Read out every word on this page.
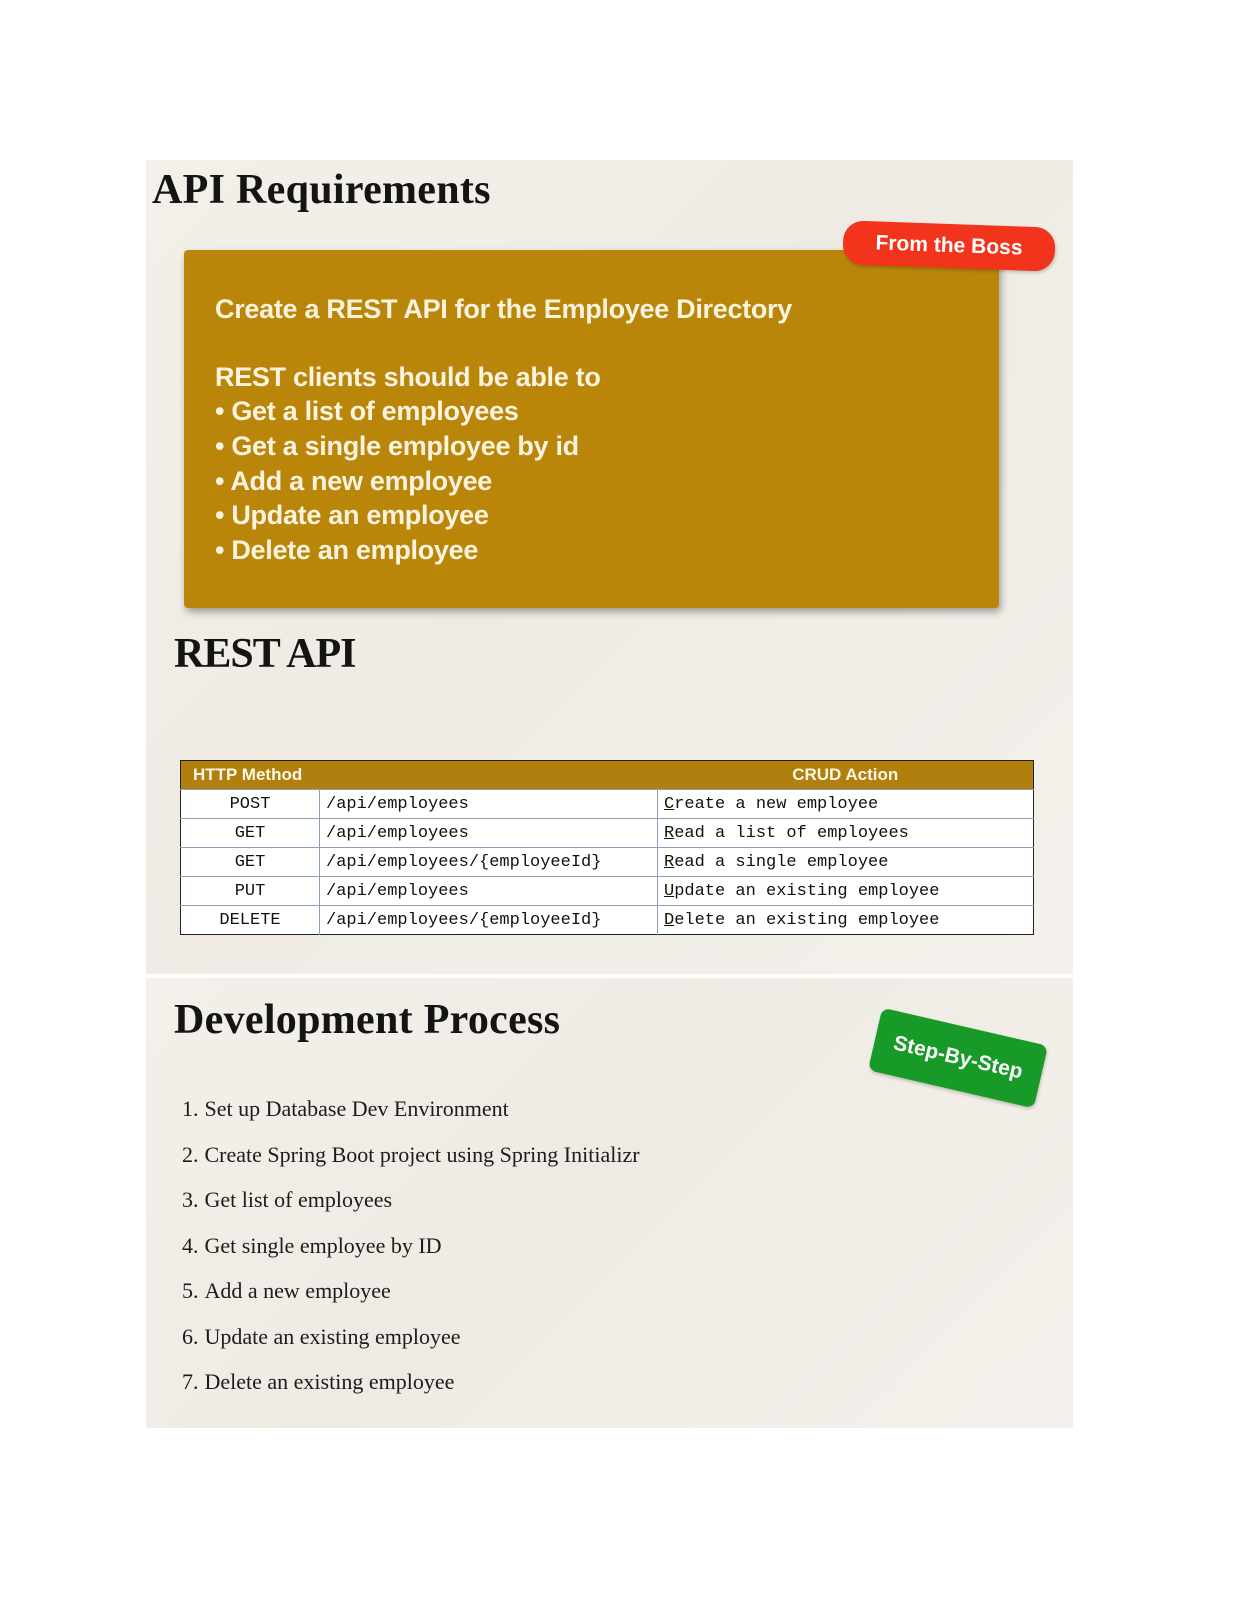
API Requirements
Create a REST API for the Employee Directory
REST clients should be able to
• Get a list of employees
• Get a single employee by id
• Add a new employee
• Update an employee
• Delete an employee
From the Boss
REST API
HTTP Method		CRUD Action
POST	/api/employees	Create a new employee
GET	/api/employees	Read a list of employees
GET	/api/employees/{employeeId}	Read a single employee
PUT	/api/employees	Update an existing employee
DELETE	/api/employees/{employeeId}	Delete an existing employee
Development Process
Step-By-Step
1. Set up Database Dev Environment
2. Create Spring Boot project using Spring Initializr
3. Get list of employees
4. Get single employee by ID
5. Add a new employee
6. Update an existing employee
7. Delete an existing employee
